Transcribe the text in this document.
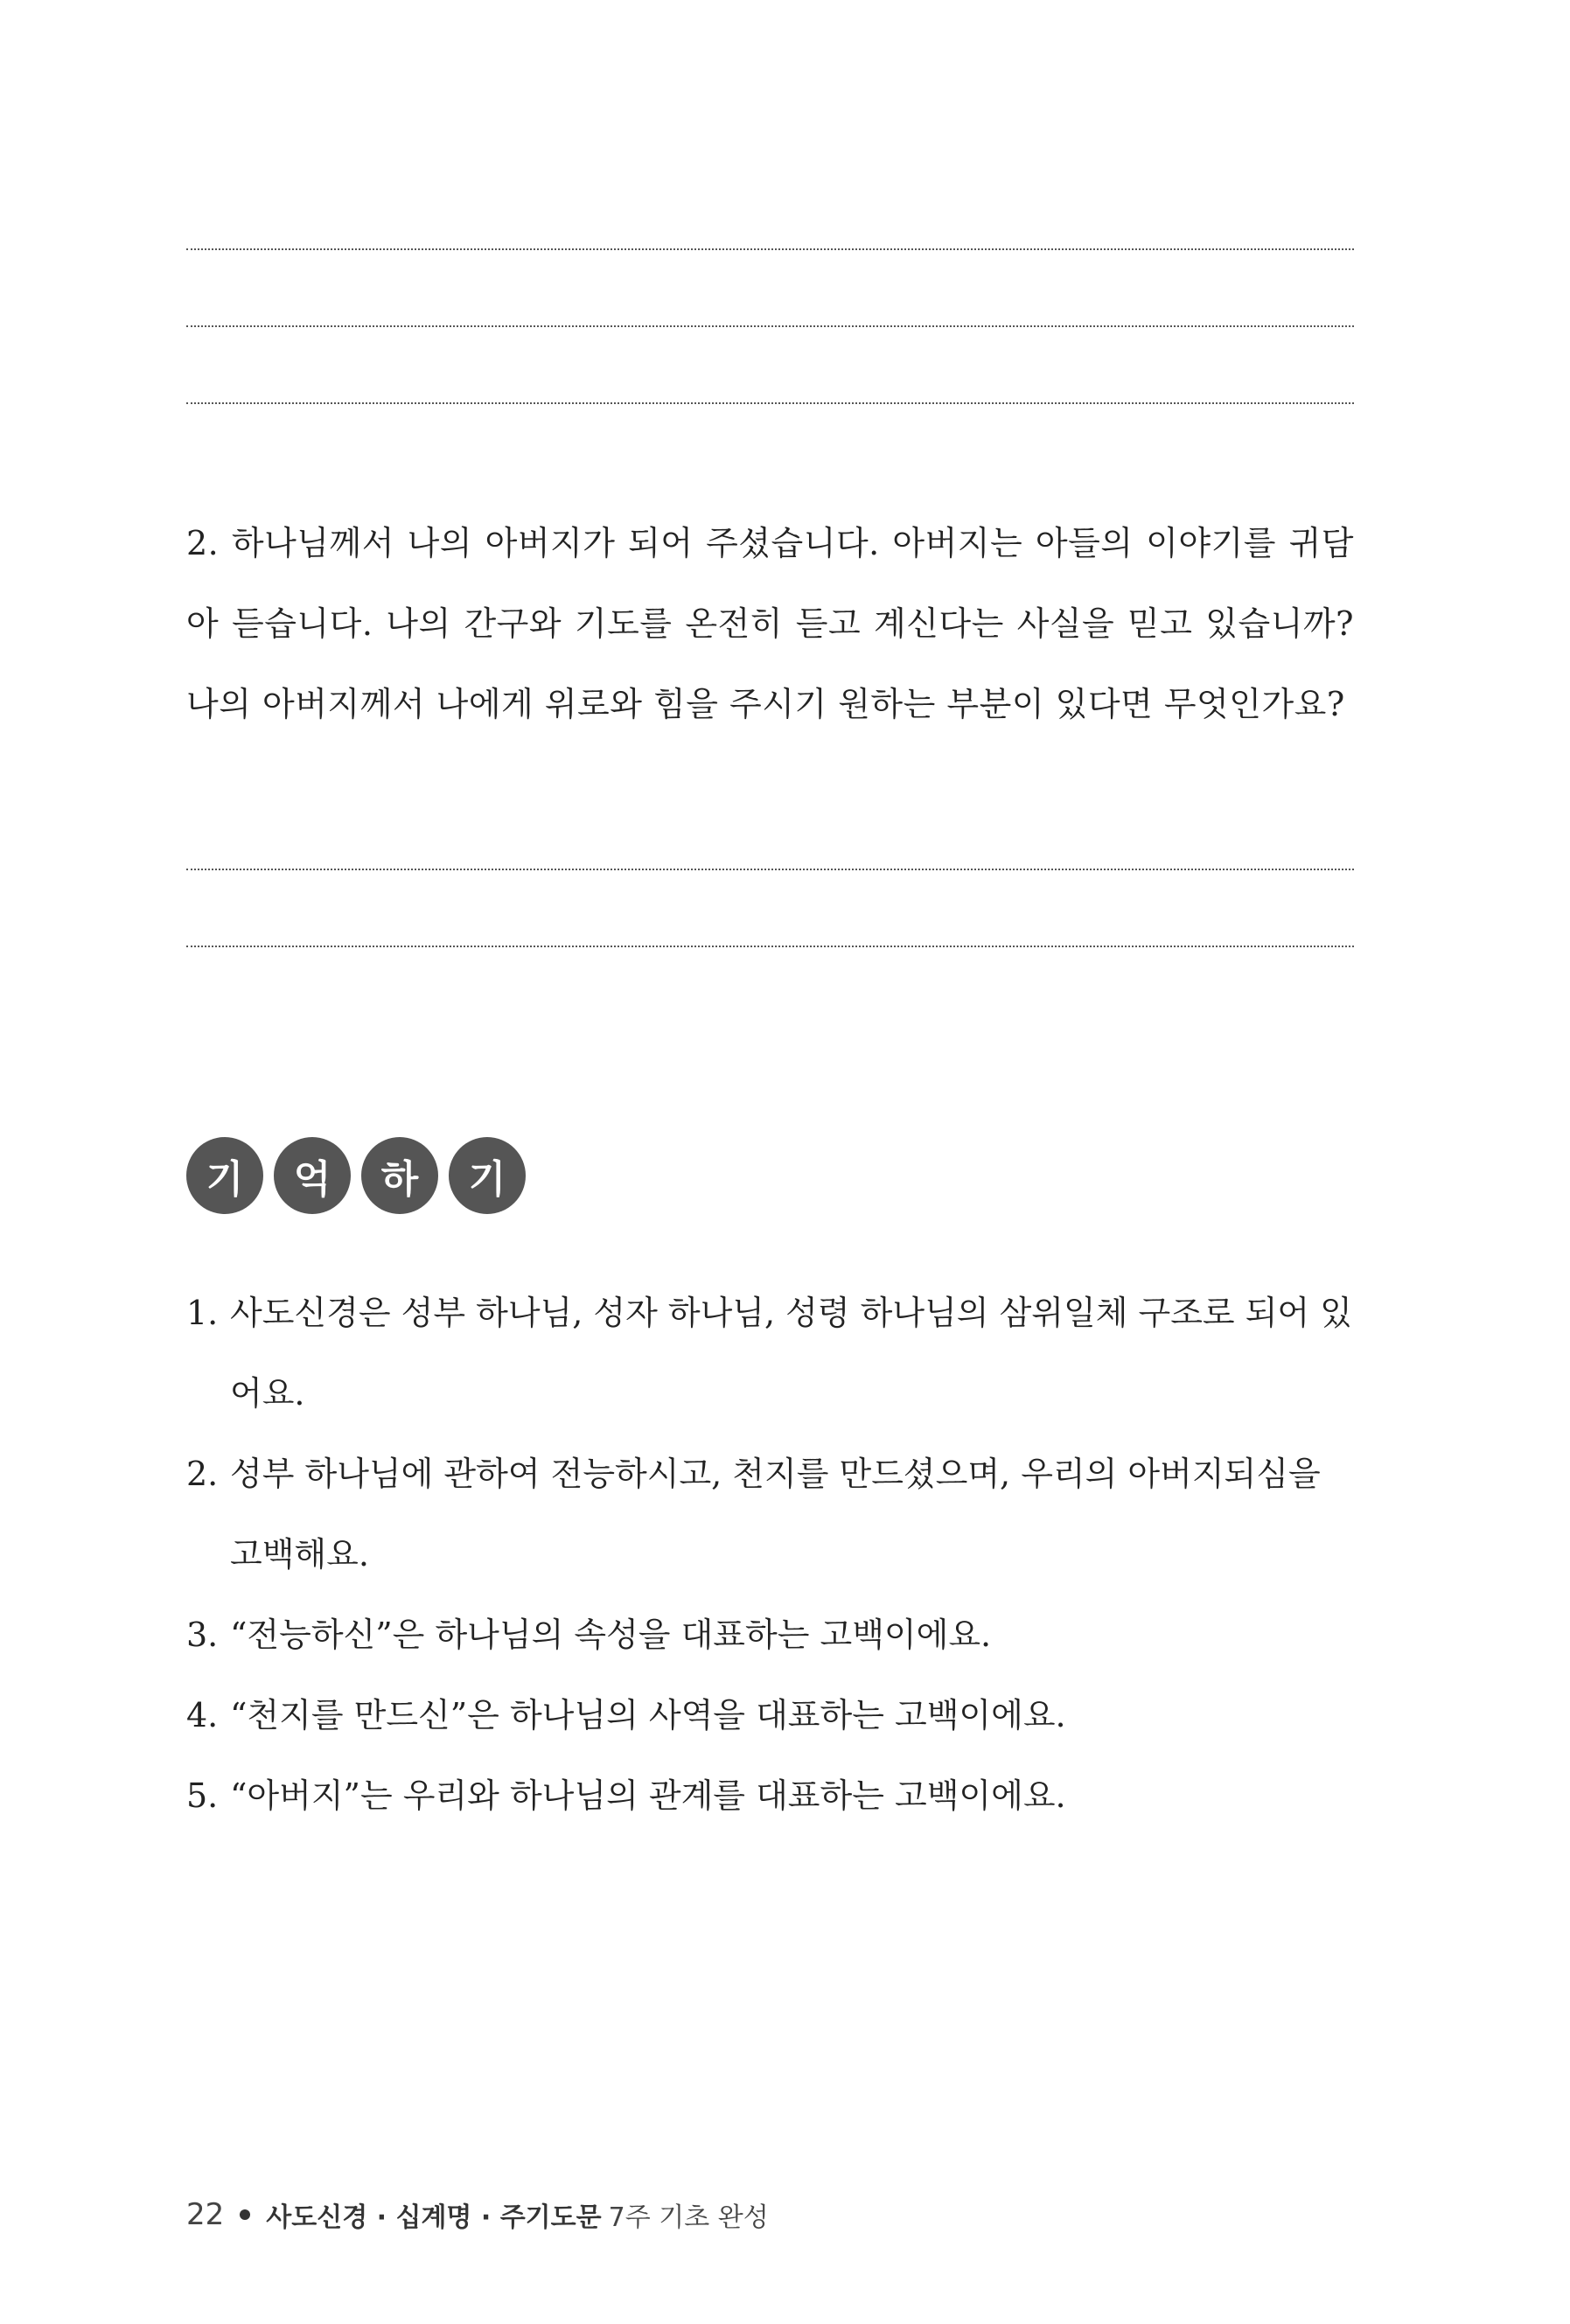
2. 하나님께서 나의 아버지가 되어 주셨습니다. 아버지는 아들의 이야기를 귀담아 듣습니다. 나의 간구와 기도를 온전히 듣고 계신다는 사실을 믿고 있습니까? 나의 아버지께서 나에게 위로와 힘을 주시기 원하는 부분이 있다면 무엇인가요?

기	억	하	기
1. 사도신경은 성부 하나님, 성자 하나님, 성령 하나님의 삼위일체 구조로 되어 있어요.
2. 성부 하나님에 관하여 전능하시고, 천지를 만드셨으며, 우리의 아버지되심을 고백해요.
3. “전능하신”은 하나님의 속성을 대표하는 고백이에요.
4. “천지를 만드신”은 하나님의 사역을 대표하는 고백이에요.
5. “아버지”는 우리와 하나님의 관계를 대표하는 고백이에요.
22 사도신경 · 십계명 · 주기도문 7주 기초 완성
